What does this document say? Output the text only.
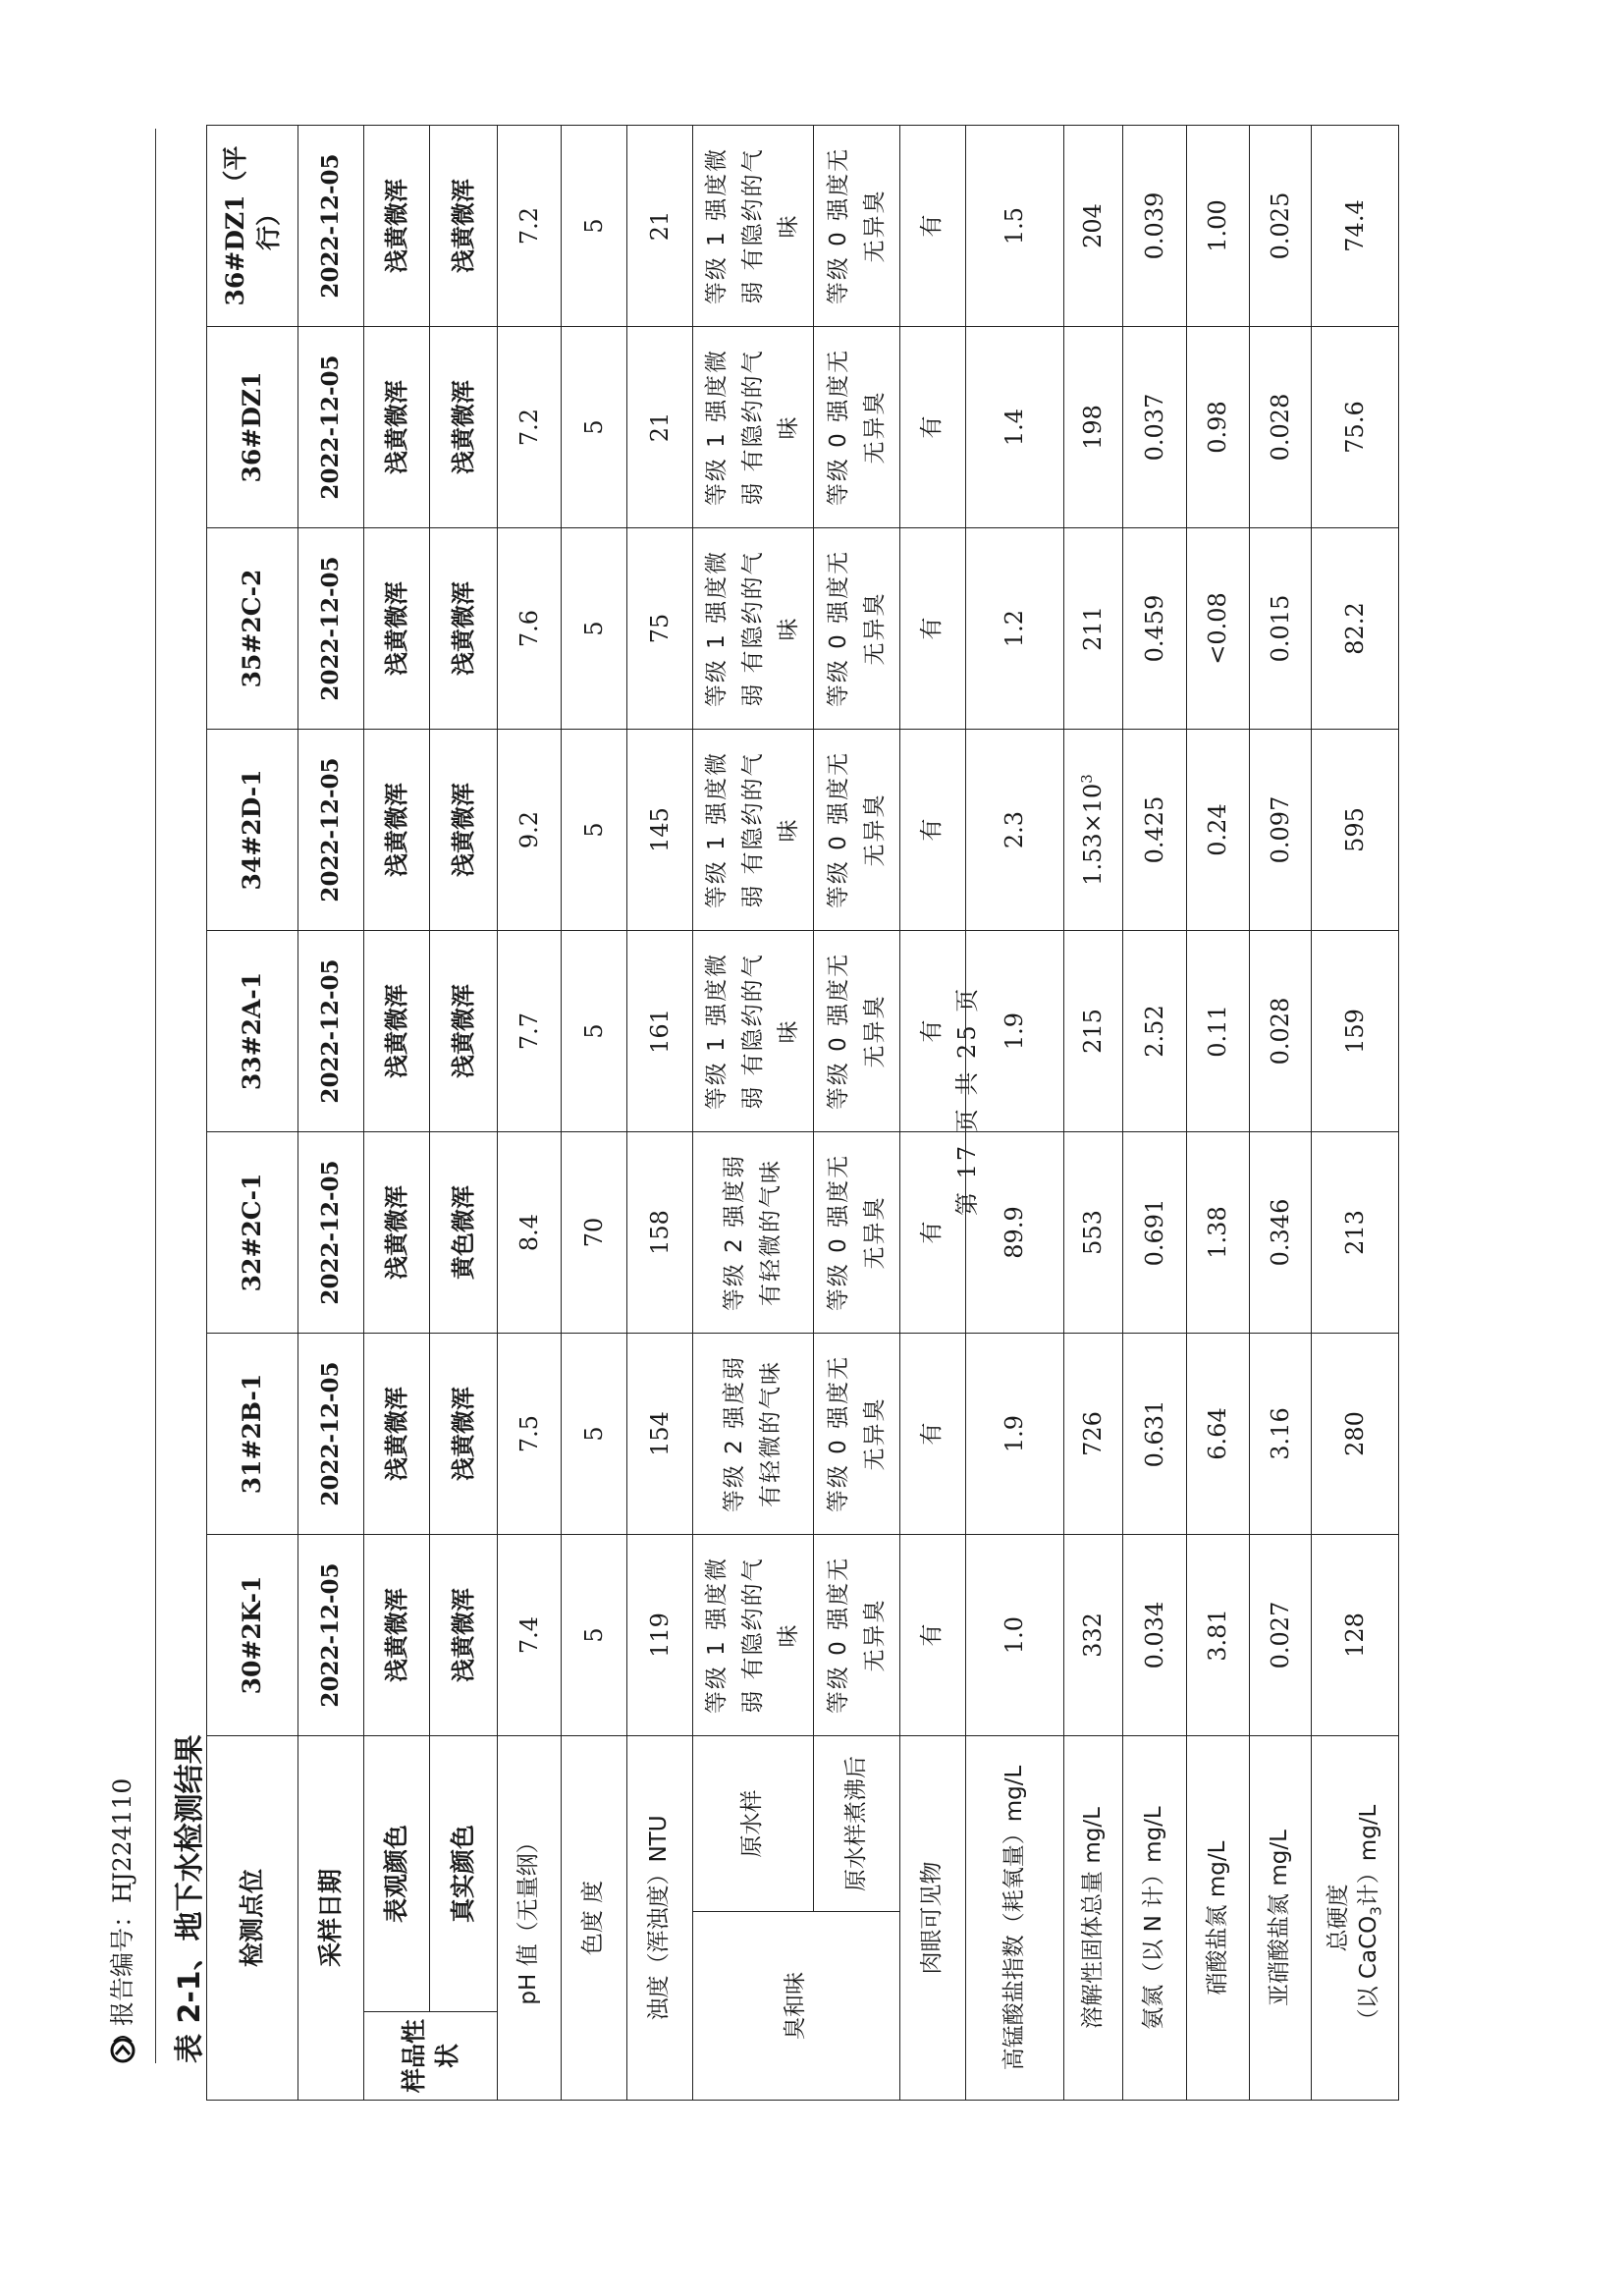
报告编号：HJ224110
第 17 页 共 25 页
表 2-1、地下水检测结果 检测点位			30#2K-1	31#2B-1	32#2C-1	33#2A-1	34#2D-1	35#2C-2	36#DZ1	36#DZ1（平行）
采样日期			2022-12-05	2022-12-05	2022-12-05	2022-12-05	2022-12-05	2022-12-05	2022-12-05	2022-12-05
样品性状	表观颜色		浅黄微浑	浅黄微浑	浅黄微浑	浅黄微浑	浅黄微浑	浅黄微浑	浅黄微浑	浅黄微浑
	真实颜色		浅黄微浑	浅黄微浑	黄色微浑	浅黄微浑	浅黄微浑	浅黄微浑	浅黄微浑	浅黄微浑
pH 值（无量纲）			7.4	7.5	8.4	7.7	9.2	7.6	7.2	7.2
色度 度			5	5	70	5	5	5	5	5
浊度（浑浊度）NTU			119	154	158	161	145	75	21	21
臭和味		原水样	等级 1 强度微弱 有隐约的气味	等级 2 强度弱 有轻微的气味	等级 2 强度弱 有轻微的气味	等级 1 强度微弱 有隐约的气味	等级 1 强度微弱 有隐约的气味	等级 1 强度微弱 有隐约的气味	等级 1 强度微弱 有隐约的气味	等级 1 强度微弱 有隐约的气味
		原水样煮沸后	等级 0 强度无 无异臭	等级 0 强度无 无异臭	等级 0 强度无 无异臭	等级 0 强度无 无异臭	等级 0 强度无 无异臭	等级 0 强度无 无异臭	等级 0 强度无 无异臭	等级 0 强度无 无异臭
肉眼可见物			有	有	有	有	有	有	有	有
高锰酸盐指数（耗氧量）mg/L			1.0	1.9	89.9	1.9	2.3	1.2	1.4	1.5
溶解性固体总量 mg/L			332	726	553	215	$1.53\times 10^3$	211	198	204
氨氮（以 N 计）mg/L			0.034	0.631	0.691	2.52	0.425	0.459	0.037	0.039
硝酸盐氮 mg/L			3.81	6.64	1.38	0.11	0.24	<0.08	0.98	1.00
亚硝酸盐氮 mg/L			0.027	3.16	0.346	0.028	0.097	0.015	0.028	0.025

总硬度 （以 CaCO$_3$计）mg/L			128	280	213	159	595	82.2	75.6	74.4
